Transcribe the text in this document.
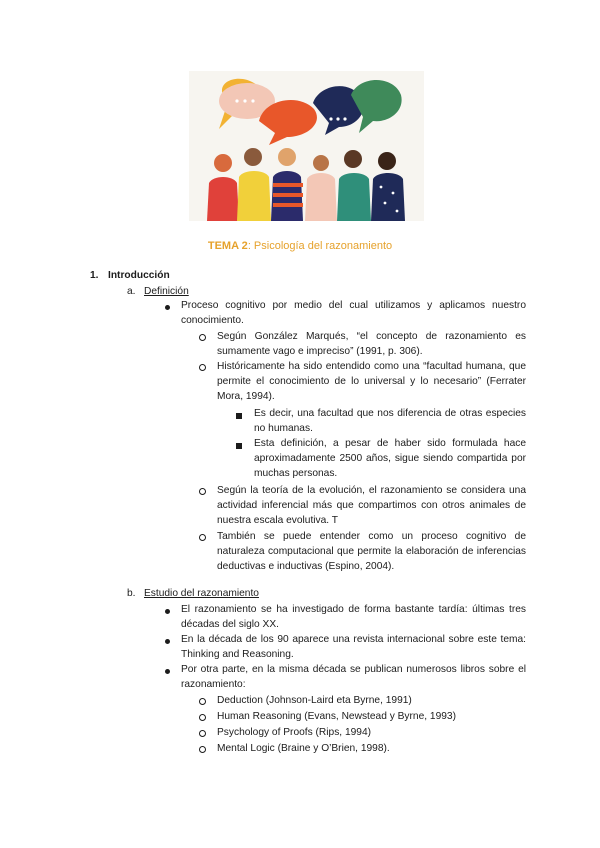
TEMA 2: Psicología del razonamiento

1. Introducción
a. Definición
Proceso cognitivo por medio del cual utilizamos y aplicamos nuestro conocimiento.
Según González Marqués, “el concepto de razonamiento es sumamente vago e impreciso” (1991, p. 306).
Históricamente ha sido entendido como una “facultad humana, que permite el conocimiento de lo universal y lo necesario” (Ferrater Mora, 1994).
Es decir, una facultad que nos diferencia de otras especies no humanas.
Esta definición, a pesar de haber sido formulada hace aproximadamente 2500 años, sigue siendo compartida por muchas personas.
Según la teoría de la evolución, el razonamiento se considera una actividad inferencial más que compartimos con otros animales de nuestra escala evolutiva. T
También se puede entender como un proceso cognitivo de naturaleza computacional que permite la elaboración de inferencias deductivas e inductivas (Espino, 2004).
b. Estudio del razonamiento
El razonamiento se ha investigado de forma bastante tardía: últimas tres décadas del siglo XX.
En la década de los 90 aparece una revista internacional sobre este tema: Thinking and Reasoning.
Por otra parte, en la misma década se publican numerosos libros sobre el razonamiento:
Deduction (Johnson-Laird eta Byrne, 1991)
Human Reasoning (Evans, Newstead y Byrne, 1993)
Psychology of Proofs (Rips, 1994)
Mental Logic (Braine y O’Brien, 1998).
